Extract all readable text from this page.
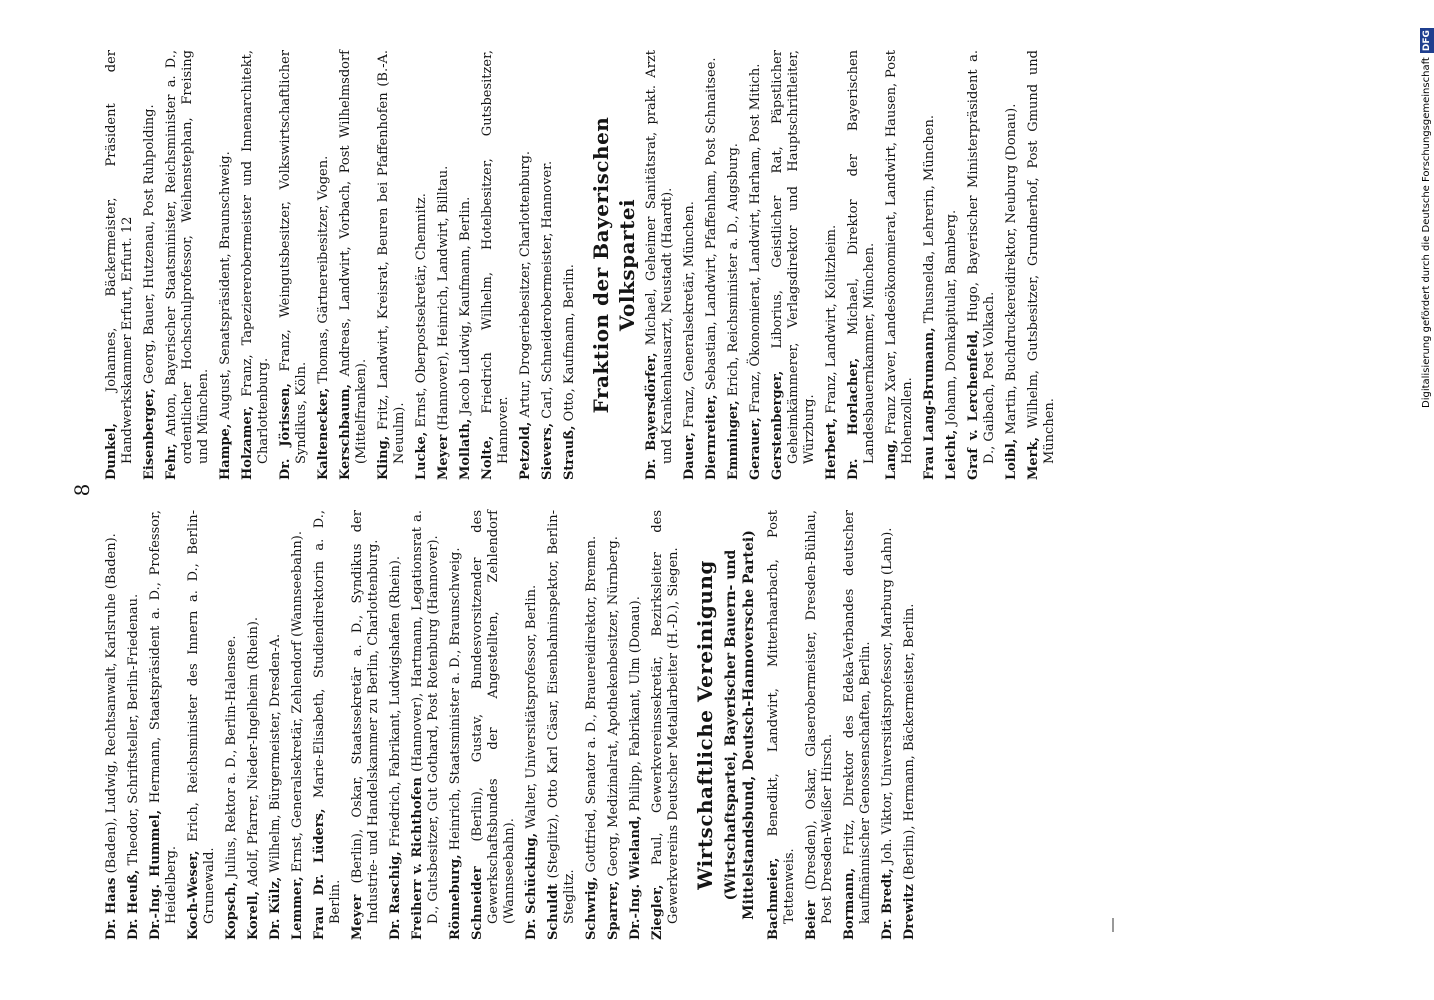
8
Dr. Haas (Baden), Ludwig, Rechtsanwalt, Karlsruhe (Baden).
Dr. Heuß, Theodor, Schriftsteller, Berlin-Friedenau.
Dr.-Ing. Hummel, Hermann, Staatspräsident a. D., Professor, Heidelberg. Koch-Weser, Erich, Reichsminister des Innern a. D., Berlin-Grunewald. Kopsch, Julius, Rektor a. D., Berlin-Halensee.
Korell, Adolf, Pfarrer, Nieder-Ingelheim (Rhein).
Dr. Külz, Wilhelm, Bürgermeister, Dresden-A.
Lemmer, Ernst, Generalsekretär, Zehlendorf (Wannseebahn).
Frau Dr. Lüders, Marie-Elisabeth, Studiendirektorin a. D., Berlin. Meyer (Berlin), Oskar, Staatssekretär a. D., Syndikus der Industrie- und Handelskammer zu Berlin, Charlottenburg. Dr. Raschig, Friedrich, Fabrikant, Ludwigshafen (Rhein).
Freiherr v. Richthofen (Hannover), Hartmann, Legationsrat a. D., Gutsbesitzer, Gut Gothard, Post Rotenburg (Hannover). Rönneburg, Heinrich, Staatsminister a. D., Braunschweig.
Schneider (Berlin), Gustav, Bundesvorsitzender des Gewerkschaftsbundes der Angestellten, Zehlendorf (Wannseebahn). Dr. Schücking, Walter, Universitätsprofessor, Berlin.
Schuldt (Steglitz), Otto Karl Cäsar, Eisenbahninspektor, Berlin-Steglitz. Schwrig, Gottfried, Senator a. D., Brauereidirektor, Bremen.
Sparrer, Georg, Medizinalrat, Apothekenbesitzer, Nürnberg.
Dr.-Ing. Wieland, Philipp, Fabrikant, Ulm (Donau).
Ziegler, Paul, Gewerkvereinssekretär, Bezirksleiter des Gewerkvereins Deutscher Metallarbeiter (H.-D.), Siegen. Wirtschaftliche Vereinigung (Wirtschaftspartei, Bayerischer Bauern- und Mittelstandsbund, Deutsch-Hannoversche Partei) Bachmeier, Benedikt, Landwirt, Mitterhaarbach, Post Tettenweis. Beier (Dresden), Oskar, Glaserobermeister, Dresden-Bühlau, Post Dresden-Weißer Hirsch. Bormann, Fritz, Direktor des Edeka-Verbandes deutscher kaufmännischer Genossenschaften, Berlin. Dr. Bredt, Joh. Viktor, Universitätsprofessor, Marburg (Lahn).
Drewitz (Berlin), Hermann, Bäckermeister, Berlin.
Dunkel, Johannes, Bäckermeister, Präsident der Handwerkskammer Erfurt, Erfurt. 12 Eisenberger, Georg, Bauer, Hutzenau, Post Ruhpolding.
Fehr, Anton, Bayerischer Staatsminister, Reichsminister a. D., ordentlicher Hochschulprofessor, Weihenstephan, Freising und München. Hampe, August, Senatspräsident, Braunschweig.
Holzamer, Franz, Tapeziererobermeister und Innenarchitekt, Charlottenburg. Dr. Jörissen, Franz, Weingutsbesitzer, Volkswirtschaftlicher Syndikus, Köln. Kaltenecker, Thomas, Gärtnereibesitzer, Vogen.
Kerschbaum, Andreas, Landwirt, Vorbach, Post Wilhelmsdorf (Mittelfranken). Kling, Fritz, Landwirt, Kreisrat, Beuren bei Pfaffenhofen (B.-A. Neuulm). Lucke, Ernst, Oberpostsekretär, Chemnitz.
Meyer (Hannover), Heinrich, Landwirt, Billtau.
Mollath, Jacob Ludwig, Kaufmann, Berlin.
Nolte, Friedrich Wilhelm, Hotelbesitzer, Gutsbesitzer, Hannover. Petzold, Artur, Drogeriebesitzer, Charlottenburg.
Sievers, Carl, Schneiderobermeister, Hannover.
Strauß, Otto, Kaufmann, Berlin. Fraktion der Bayerischen Volkspartei
Dr. Bayersdörfer, Michael, Geheimer Sanitätsrat, prakt. Arzt und Krankenhausarzt, Neustadt (Haardt). Dauer, Franz, Generalsekretär, München.
Diernreiter, Sebastian, Landwirt, Pfaffenham, Post Schnaitsee.
Emminger, Erich, Reichsminister a. D., Augsburg.
Gerauer, Franz, Ökonomierat, Landwirt, Harham, Post Mitich.
Gerstenberger, Liborius, Geistlicher Rat, Päpstlicher Geheimkämmerer, Verlagsdirektor und Hauptschriftleiter, Würzburg. Herbert, Franz, Landwirt, Kolitzheim.
Dr. Horlacher, Michael, Direktor der Bayerischen Landesbauernkammer, München. Lang, Franz Xaver, Landesökonomierat, Landwirt, Hausen, Post Hohenzollen. Frau Lang-Brumann, Thusnelda, Lehrerin, München.
Leicht, Johann, Domkapitular, Bamberg. Graf v. Lerchenfeld, Hugo, Bayerischer Ministerpräsident a. D., Gaibach, Post Volkach. Loibl, Martin, Buchdruckereidirektor, Neuburg (Donau).
Merk, Wilhelm, Gutsbesitzer, Grundnerhof, Post Gmund und München.
Digitalisierung gefördert durch die Deutsche ForschungsgemeinschaftDFG
